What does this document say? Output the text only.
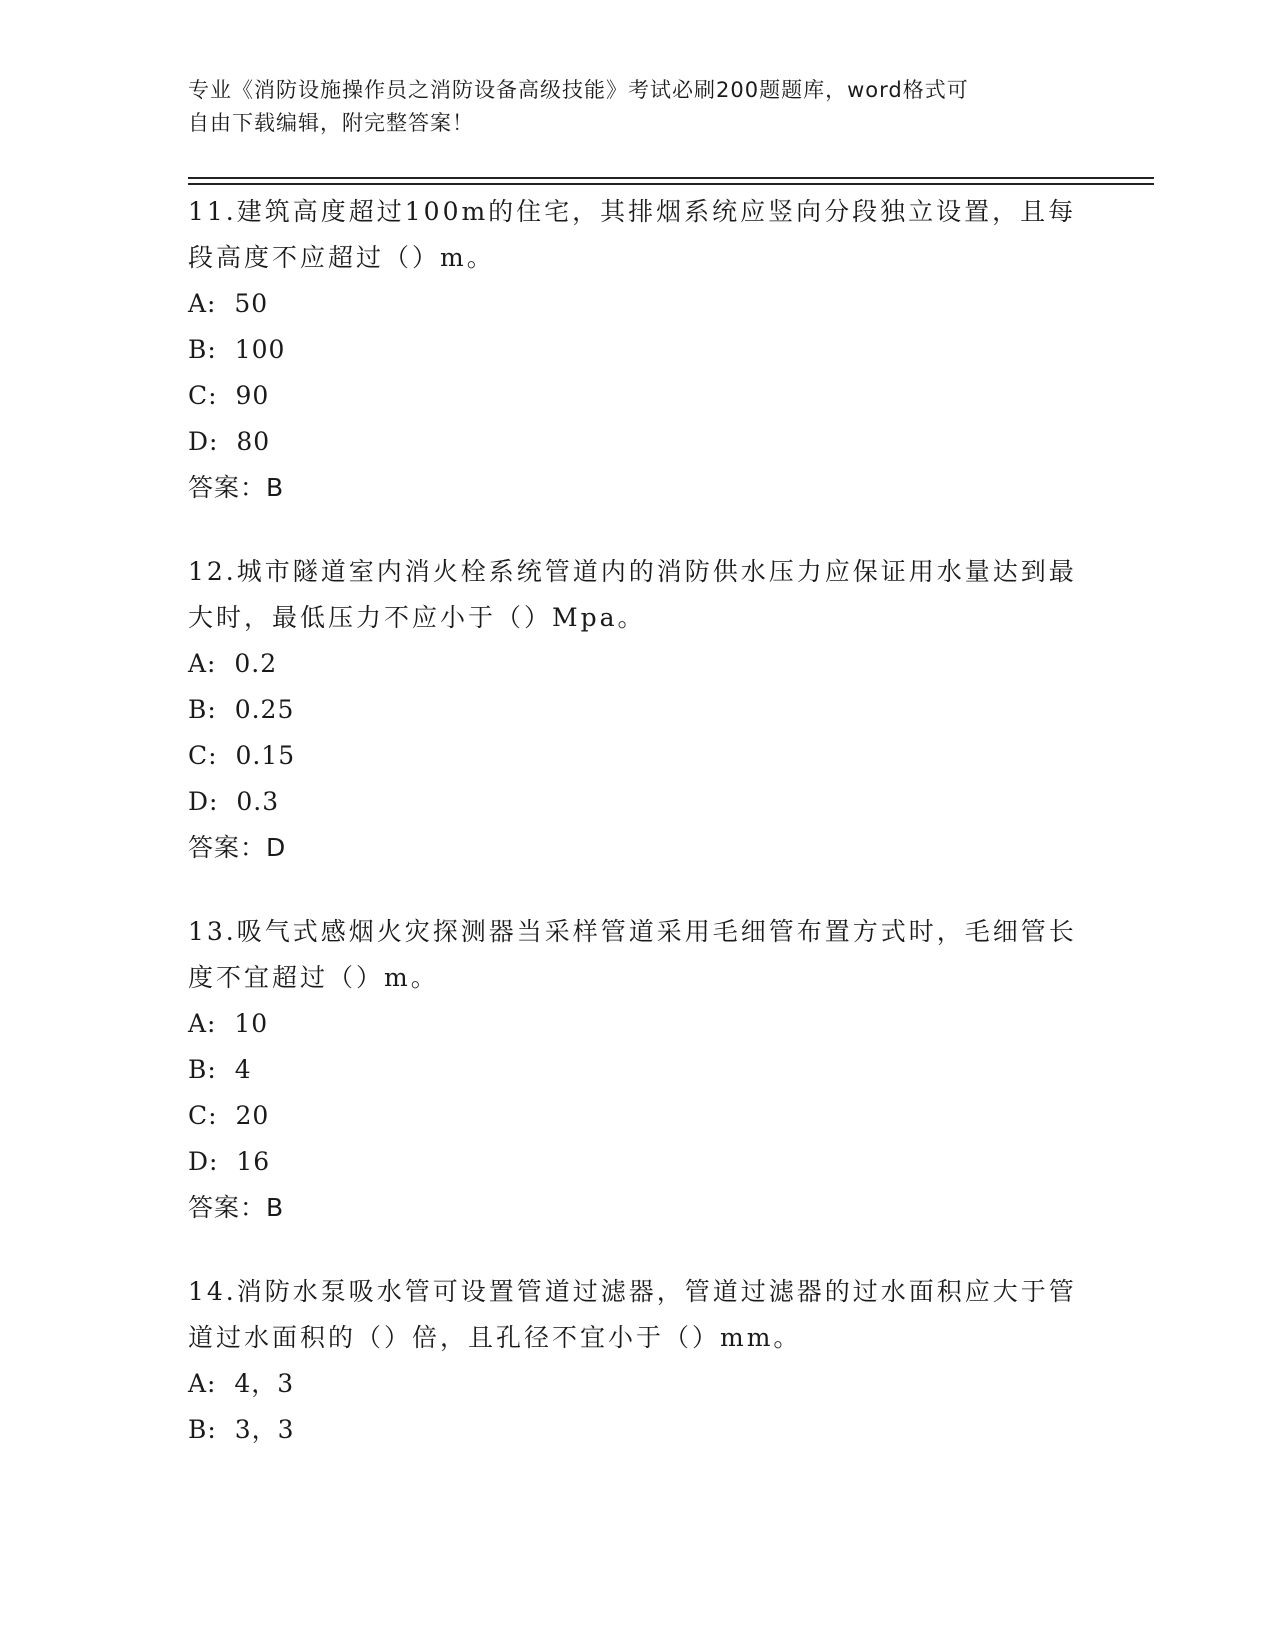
专业《消防设施操作员之消防设备高级技能》考试必刷200题题库，word格式可
自由下载编辑，附完整答案！
11.建筑高度超过100m的住宅，其排烟系统应竖向分段独立设置，且每段高度不应超过（）m。
A:  50
B:  100
C:  90
D:  80
答案：B
12.城市隧道室内消火栓系统管道内的消防供水压力应保证用水量达到最大时，最低压力不应小于（）Mpa。
A:  0.2
B:  0.25
C:  0.15
D:  0.3
答案：D
13.吸气式感烟火灾探测器当采样管道采用毛细管布置方式时，毛细管长度不宜超过（）m。
A:  10
B:  4
C:  20
D:  16
答案：B
14.消防水泵吸水管可设置管道过滤器，管道过滤器的过水面积应大于管道过水面积的（）倍，且孔径不宜小于（）mm。
A:  4，3
B:  3，3
